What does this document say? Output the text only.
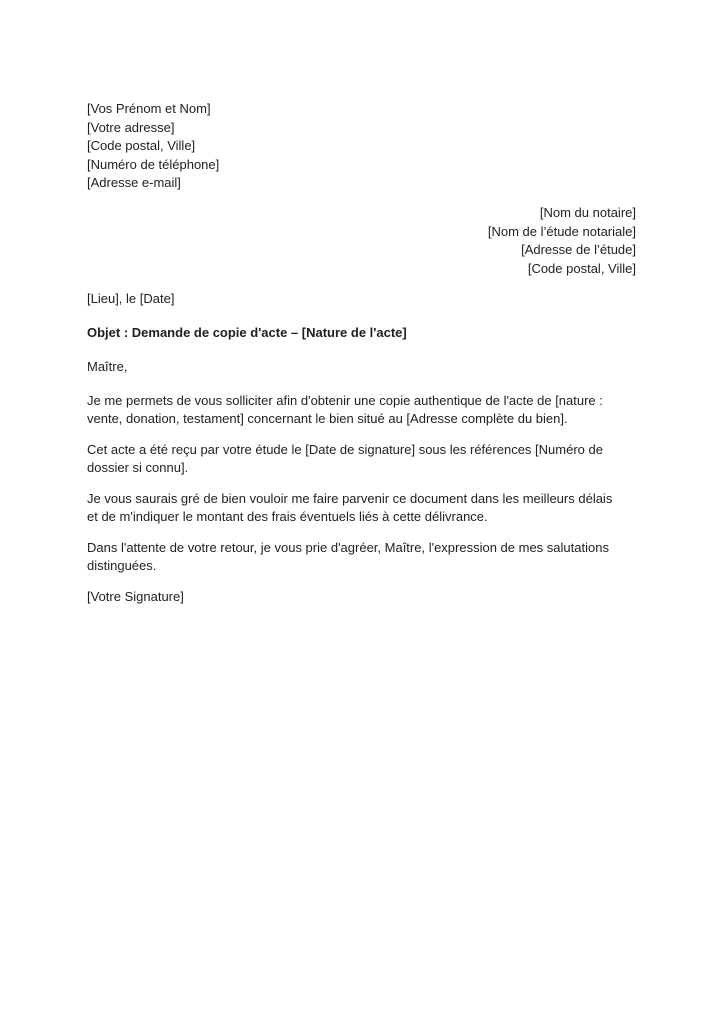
[Vos Prénom et Nom]
[Votre adresse]
[Code postal, Ville]
[Numéro de téléphone]
[Adresse e-mail]
[Nom du notaire]
[Nom de l’étude notariale]
[Adresse de l’étude]
[Code postal, Ville]
[Lieu], le [Date]
Objet : Demande de copie d'acte – [Nature de l'acte]
Maître,
Je me permets de vous solliciter afin d'obtenir une copie authentique de l'acte de [nature :
vente, donation, testament] concernant le bien situé au [Adresse complète du bien].
Cet acte a été reçu par votre étude le [Date de signature] sous les références [Numéro de
dossier si connu].
Je vous saurais gré de bien vouloir me faire parvenir ce document dans les meilleurs délais
et de m'indiquer le montant des frais éventuels liés à cette délivrance.
Dans l'attente de votre retour, je vous prie d'agréer, Maître, l'expression de mes salutations
distinguées.
[Votre Signature]
